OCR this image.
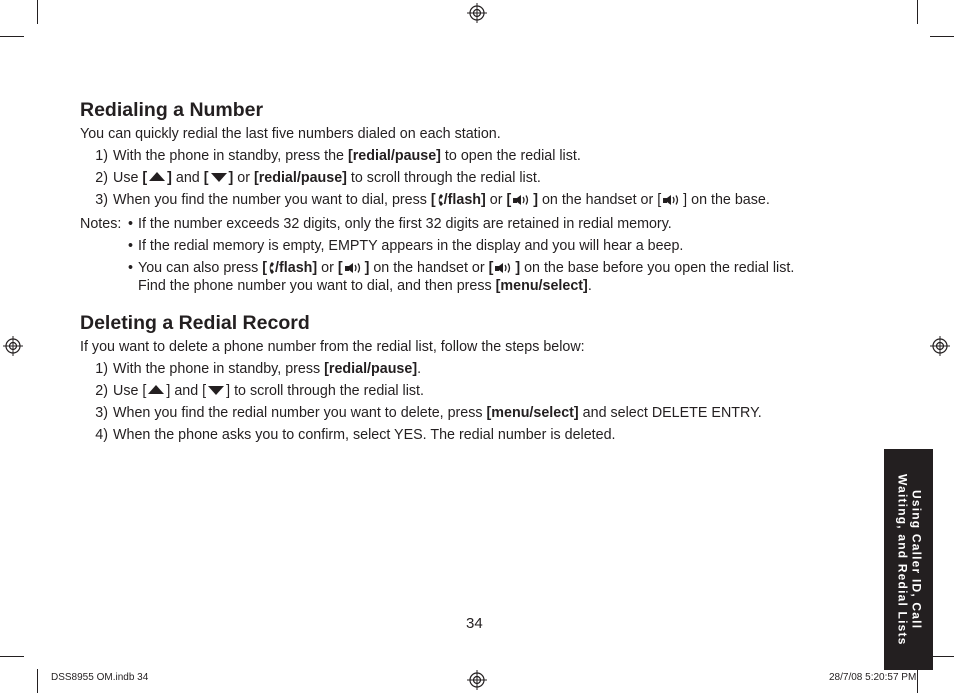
Redialing a Number

You can quickly redial the last five numbers dialed on each station.

1) With the phone in standby, press the [redial/pause] to open the redial list.
2) Use [ ] and [ ] or [redial/pause] to scroll through the redial list.
3) When you find the number you want to dial, press [ /flash] or [ ] on the handset or [ ] on the base.
Notes: • If the number exceeds 32 digits, only the first 32 digits are retained in redial memory.
• If the redial memory is empty, EMPTY appears in the display and you will hear a beep.
• You can also press [ /flash] or [ ] on the handset or [ ] on the base before you open the redial list.
Find the phone number you want to dial, and then press [menu/select].
Deleting a Redial Record

If you want to delete a phone number from the redial list, follow the steps below:

1) With the phone in standby, press [redial/pause].
2) Use [ ] and [ ] to scroll through the redial list.
3) When you find the redial number you want to delete, press [menu/select] and select DELETE ENTRY.
4) When the phone asks you to confirm, select YES. The redial number is deleted.
Using Caller ID, Call
Waiting, and Redial Lists
34
DSS8955 OM.indb 34	28/7/08 5:20:57 PM
